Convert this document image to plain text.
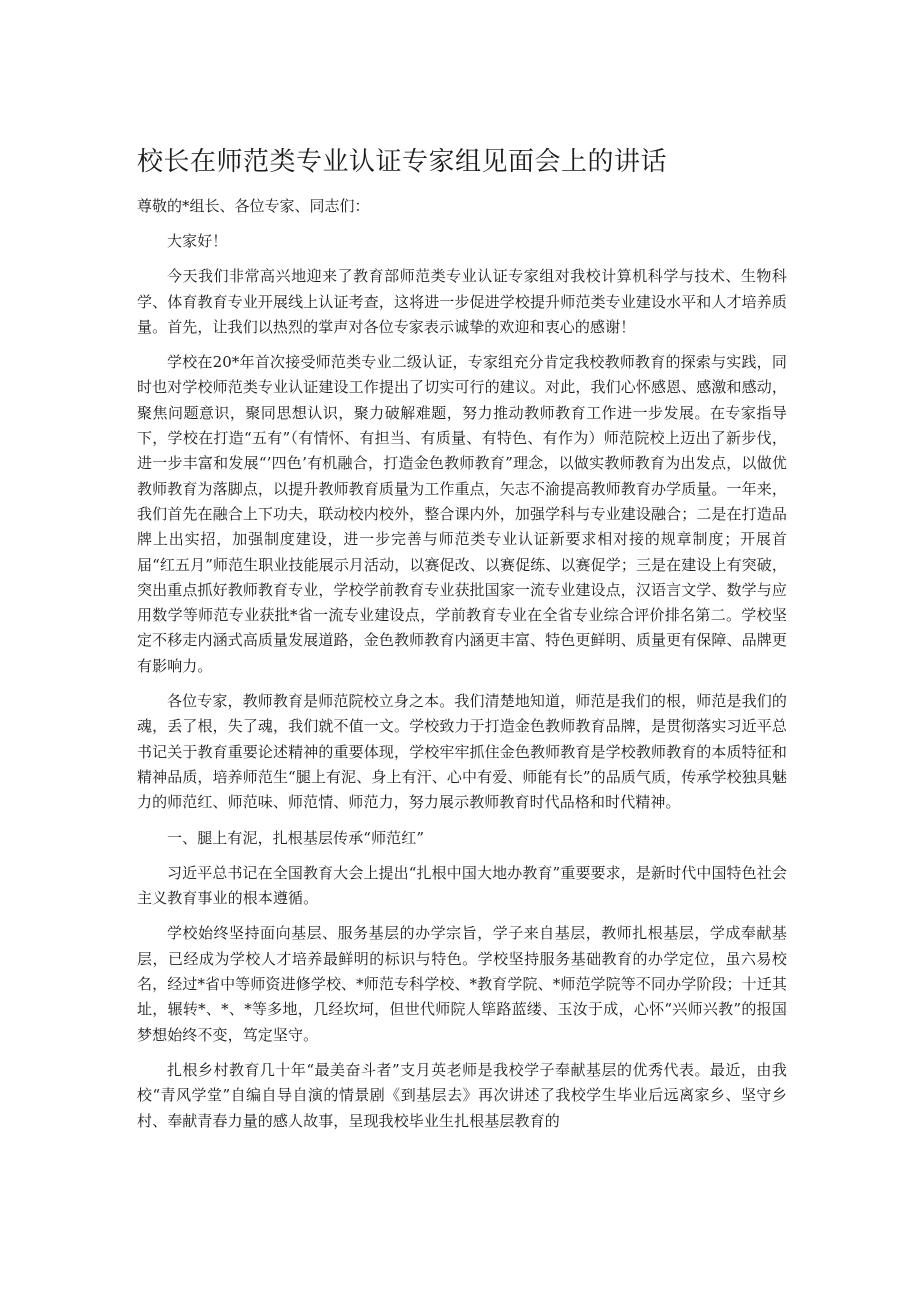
校长在师范类专业认证专家组见面会上的讲话

尊敬的*组长、各位专家、同志们：

大家好！

今天我们非常高兴地迎来了教育部师范类专业认证专家组对我校计算机科学与技术、生物科学、体育教育专业开展线上认证考查，这将进一步促进学校提升师范类专业建设水平和人才培养质量。首先，让我们以热烈的掌声对各位专家表示诚挚的欢迎和衷心的感谢！

学校在20*年首次接受师范类专业二级认证，专家组充分肯定我校教师教育的探索与实践，同时也对学校师范类专业认证建设工作提出了切实可行的建议。对此，我们心怀感恩、感激和感动，聚焦问题意识，聚同思想认识，聚力破解难题，努力推动教师教育工作进一步发展。在专家指导下，学校在打造“五有”（有情怀、有担当、有质量、有特色、有作为）师范院校上迈出了新步伐，进一步丰富和发展“’四色’有机融合，打造金色教师教育”理念，以做实教师教育为出发点，以做优教师教育为落脚点，以提升教师教育质量为工作重点，矢志不渝提高教师教育办学质量。一年来，我们首先在融合上下功夫，联动校内校外，整合课内外，加强学科与专业建设融合；二是在打造品牌上出实招，加强制度建设，进一步完善与师范类专业认证新要求相对接的规章制度；开展首届“红五月”师范生职业技能展示月活动，以赛促改、以赛促练、以赛促学；三是在建设上有突破，突出重点抓好教师教育专业，学校学前教育专业获批国家一流专业建设点，汉语言文学、数学与应用数学等师范专业获批*省一流专业建设点，学前教育专业在全省专业综合评价排名第二。学校坚定不移走内涵式高质量发展道路，金色教师教育内涵更丰富、特色更鲜明、质量更有保障、品牌更有影响力。

各位专家，教师教育是师范院校立身之本。我们清楚地知道，师范是我们的根，师范是我们的魂，丢了根，失了魂，我们就不值一文。学校致力于打造金色教师教育品牌，是贯彻落实习近平总书记关于教育重要论述精神的重要体现，学校牢牢抓住金色教师教育是学校教师教育的本质特征和精神品质，培养师范生“腿上有泥、身上有汗、心中有爱、师能有长”的品质气质，传承学校独具魅力的师范红、师范味、师范情、师范力，努力展示教师教育时代品格和时代精神。

一、腿上有泥，扎根基层传承“师范红”

习近平总书记在全国教育大会上提出“扎根中国大地办教育”重要要求，是新时代中国特色社会主义教育事业的根本遵循。

学校始终坚持面向基层、服务基层的办学宗旨，学子来自基层，教师扎根基层，学成奉献基层，已经成为学校人才培养最鲜明的标识与特色。学校坚持服务基础教育的办学定位，虽六易校名，经过*省中等师资进修学校、*师范专科学校、*教育学院、*师范学院等不同办学阶段；十迁其址，辗转*、*、*等多地，几经坎坷，但世代师院人筚路蓝缕、玉汝于成，心怀“兴师兴教”的报国梦想始终不变，笃定坚守。

扎根乡村教育几十年“最美奋斗者”支月英老师是我校学子奉献基层的优秀代表。最近，由我校“青风学堂”自编自导自演的情景剧《到基层去》再次讲述了我校学生毕业后远离家乡、坚守乡村、奉献青春力量的感人故事，呈现我校毕业生扎根基层教育的
